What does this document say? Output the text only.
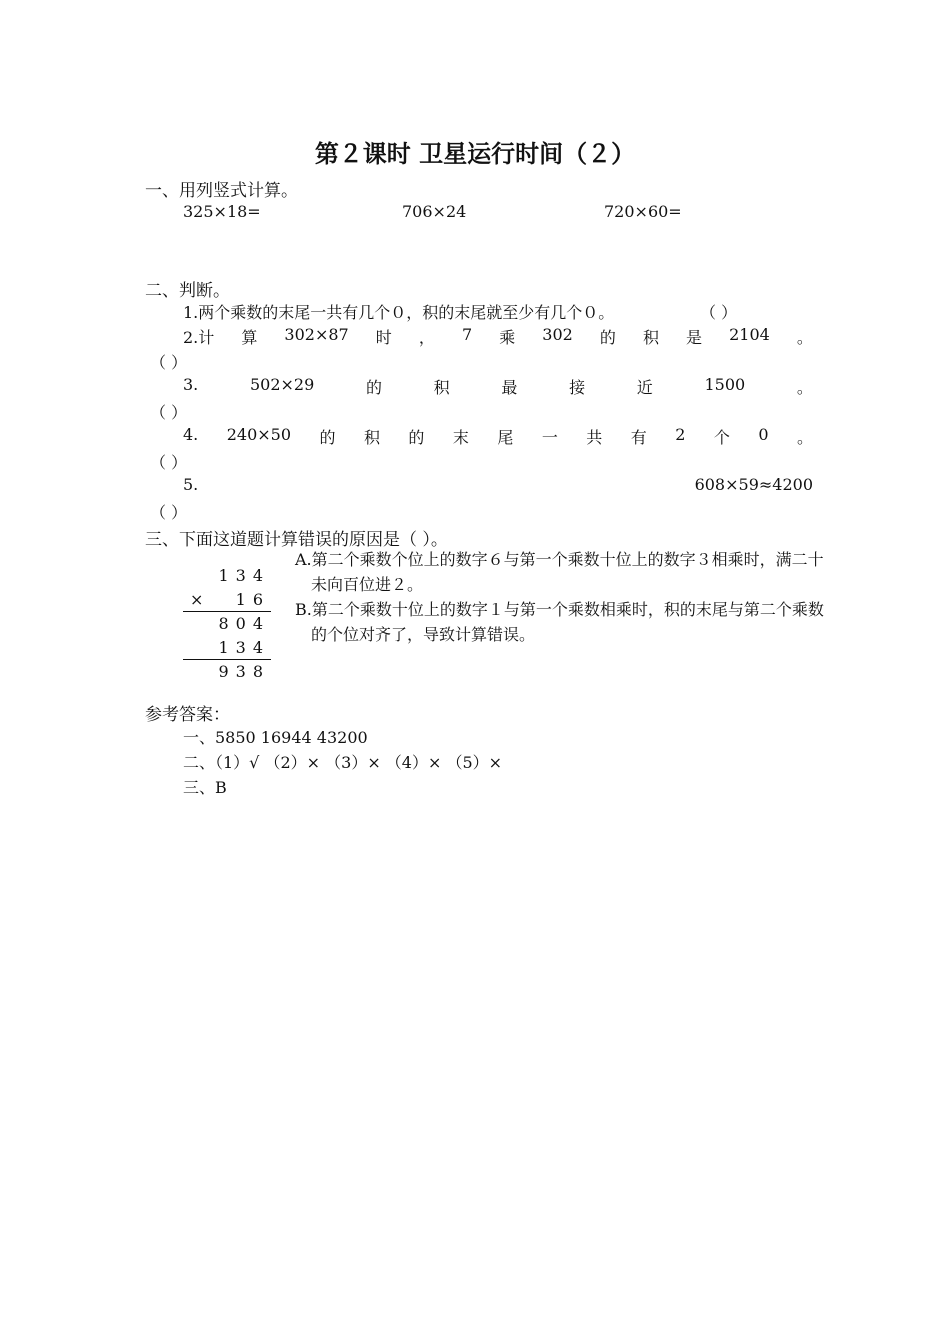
第２课时 卫星运行时间（２）
一、用列竖式计算。
325×18=	706×24	720×60=
二、判断。
1.两个乘数的末尾一共有几个０，积的末尾就至少有几个０。	（ ）
2.计 算 302×87 时 ， 7 乘 302 的 积 是 2104 。
（ ）
3.	502×29	的	积	最	接	近	1500	。
（ ）
4. 240×50 的 积 的 末 尾 一 共 有 2 个 0 。
（ ）
5.	608×59≈4200
（ ）
三、下面这道题计算错误的原因是（ ）。
134
×	16
804
134
938
A.第二个乘数个位上的数字６与第一个乘数十位上的数字３相乘时，满二十未向百位进２。
B.第二个乘数十位上的数字１与第一个乘数相乘时，积的末尾与第二个乘数的个位对齐了，导致计算错误。
参考答案：
一、5850 16944 43200
二、（1）√ （2）× （3）× （4）× （5）×
三、B
